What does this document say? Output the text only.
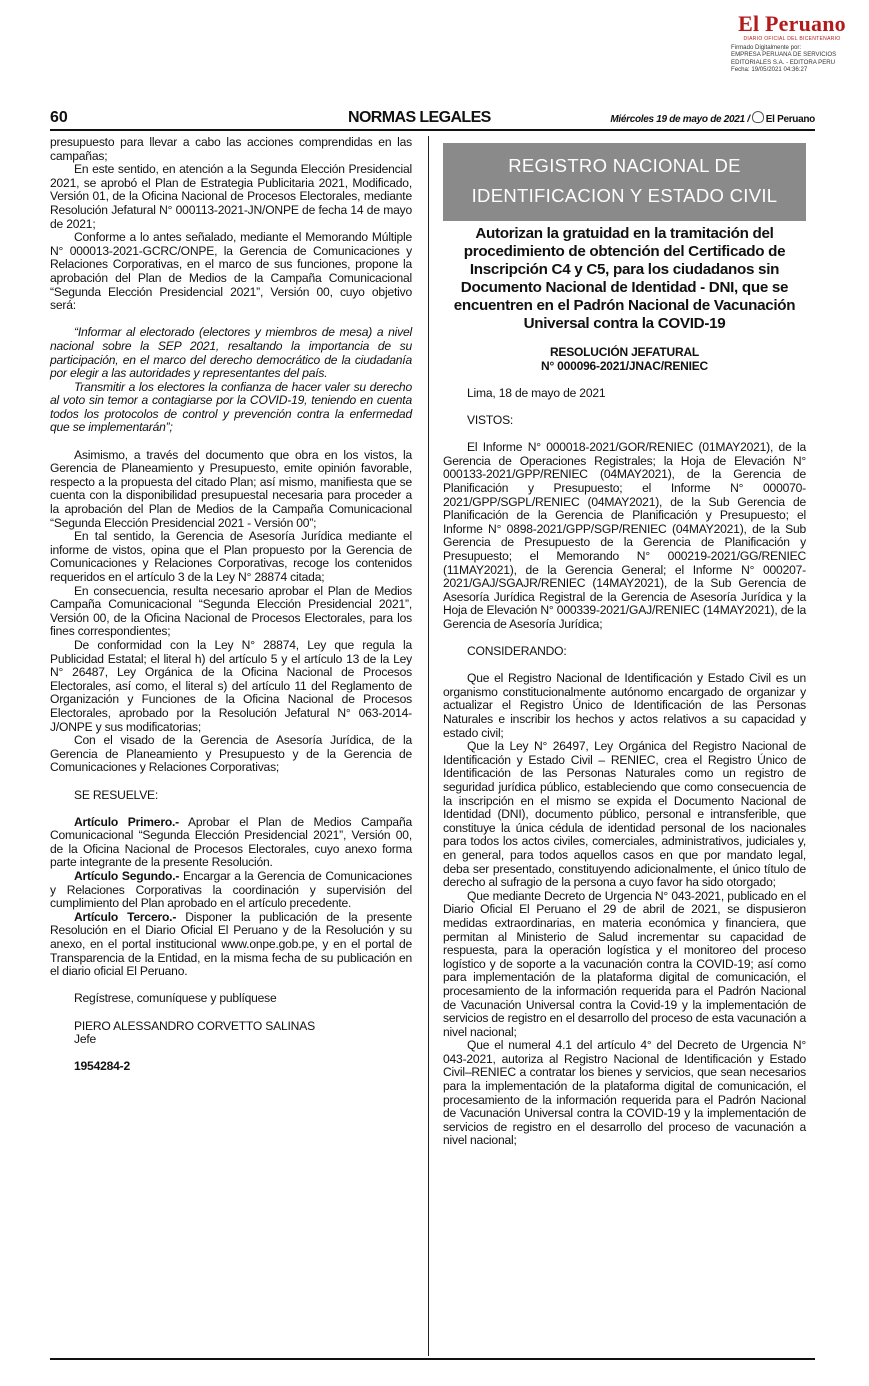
El Peruano
DIARIO OFICIAL DEL BICENTENARIO
Firmado Digitalmente por:
EMPRESA PERUANA DE SERVICIOS
EDITORIALES S.A. - EDITORA PERU
Fecha: 19/05/2021 04:36:27
60	NORMAS LEGALES	Miércoles 19 de mayo de 2021 / El Peruano

presupuesto para llevar a cabo las acciones comprendidas en las campañas;

En este sentido, en atención a la Segunda Elección Presidencial 2021, se aprobó el Plan de Estrategia Publicitaria 2021, Modificado, Versión 01, de la Oficina Nacional de Procesos Electorales, mediante Resolución Jefatural N° 000113-2021-JN/ONPE de fecha 14 de mayo de 2021;

Conforme a lo antes señalado, mediante el Memorando Múltiple N° 000013-2021-GCRC/ONPE, la Gerencia de Comunicaciones y Relaciones Corporativas, en el marco de sus funciones, propone la aprobación del Plan de Medios de la Campaña Comunicacional “Segunda Elección Presidencial 2021”, Versión 00, cuyo objetivo será:

“Informar al electorado (electores y miembros de mesa) a nivel nacional sobre la SEP 2021, resaltando la importancia de su participación, en el marco del derecho democrático de la ciudadanía por elegir a las autoridades y representantes del país.

Transmitir a los electores la confianza de hacer valer su derecho al voto sin temor a contagiarse por la COVID-19, teniendo en cuenta todos los protocolos de control y prevención contra la enfermedad que se implementarán”;

Asimismo, a través del documento que obra en los vistos, la Gerencia de Planeamiento y Presupuesto, emite opinión favorable, respecto a la propuesta del citado Plan; así mismo, manifiesta que se cuenta con la disponibilidad presupuestal necesaria para proceder a la aprobación del Plan de Medios de la Campaña Comunicacional “Segunda Elección Presidencial 2021 - Versión 00”;

En tal sentido, la Gerencia de Asesoría Jurídica mediante el informe de vistos, opina que el Plan propuesto por la Gerencia de Comunicaciones y Relaciones Corporativas, recoge los contenidos requeridos en el artículo 3 de la Ley N° 28874 citada;

En consecuencia, resulta necesario aprobar el Plan de Medios Campaña Comunicacional “Segunda Elección Presidencial 2021”, Versión 00, de la Oficina Nacional de Procesos Electorales, para los fines correspondientes;

De conformidad con la Ley N° 28874, Ley que regula la Publicidad Estatal; el literal h) del artículo 5 y el artículo 13 de la Ley N° 26487, Ley Orgánica de la Oficina Nacional de Procesos Electorales, así como, el literal s) del artículo 11 del Reglamento de Organización y Funciones de la Oficina Nacional de Procesos Electorales, aprobado por la Resolución Jefatural N° 063-2014-J/ONPE y sus modificatorias;

Con el visado de la Gerencia de Asesoría Jurídica, de la Gerencia de Planeamiento y Presupuesto y de la Gerencia de Comunicaciones y Relaciones Corporativas;

SE RESUELVE:

Artículo Primero.- Aprobar el Plan de Medios Campaña Comunicacional “Segunda Elección Presidencial 2021”, Versión 00, de la Oficina Nacional de Procesos Electorales, cuyo anexo forma parte integrante de la presente Resolución.

Artículo Segundo.- Encargar a la Gerencia de Comunicaciones y Relaciones Corporativas la coordinación y supervisión del cumplimiento del Plan aprobado en el artículo precedente.

Artículo Tercero.- Disponer la publicación de la presente Resolución en el Diario Oficial El Peruano y de la Resolución y su anexo, en el portal institucional www.onpe.gob.pe, y en el portal de Transparencia de la Entidad, en la misma fecha de su publicación en el diario oficial El Peruano.

Regístrese, comuníquese y publíquese

PIERO ALESSANDRO CORVETTO SALINAS

Jefe

1954284-2

REGISTRO NACIONAL DE
IDENTIFICACION Y ESTADO CIVIL
Autorizan la gratuidad en la tramitación del procedimiento de obtención del Certificado de Inscripción C4 y C5, para los ciudadanos sin Documento Nacional de Identidad - DNI, que se encuentren en el Padrón Nacional de Vacunación Universal contra la COVID-19
RESOLUCIÓN JEFATURAL
N° 000096-2021/JNAC/RENIEC

Lima, 18 de mayo de 2021

VISTOS:

El Informe N° 000018-2021/GOR/RENIEC (01MAY2021), de la Gerencia de Operaciones Registrales; la Hoja de Elevación N° 000133-2021/GPP/RENIEC (04MAY2021), de la Gerencia de Planificación y Presupuesto; el Informe N° 000070-2021/GPP/SGPL/RENIEC (04MAY2021), de la Sub Gerencia de Planificación de la Gerencia de Planificación y Presupuesto; el Informe N° 0898-2021/GPP/SGP/RENIEC (04MAY2021), de la Sub Gerencia de Presupuesto de la Gerencia de Planificación y Presupuesto; el Memorando N° 000219-2021/GG/RENIEC (11MAY2021), de la Gerencia General; el Informe N° 000207-2021/GAJ/SGAJR/RENIEC (14MAY2021), de la Sub Gerencia de Asesoría Jurídica Registral de la Gerencia de Asesoría Jurídica y la Hoja de Elevación N° 000339-2021/GAJ/RENIEC (14MAY2021), de la Gerencia de Asesoría Jurídica;

CONSIDERANDO:

Que el Registro Nacional de Identificación y Estado Civil es un organismo constitucionalmente autónomo encargado de organizar y actualizar el Registro Único de Identificación de las Personas Naturales e inscribir los hechos y actos relativos a su capacidad y estado civil;

Que la Ley N° 26497, Ley Orgánica del Registro Nacional de Identificación y Estado Civil – RENIEC, crea el Registro Único de Identificación de las Personas Naturales como un registro de seguridad jurídica público, estableciendo que como consecuencia de la inscripción en el mismo se expida el Documento Nacional de Identidad (DNI), documento público, personal e intransferible, que constituye la única cédula de identidad personal de los nacionales para todos los actos civiles, comerciales, administrativos, judiciales y, en general, para todos aquellos casos en que por mandato legal, deba ser presentado, constituyendo adicionalmente, el único título de derecho al sufragio de la persona a cuyo favor ha sido otorgado;

Que mediante Decreto de Urgencia N° 043-2021, publicado en el Diario Oficial El Peruano el 29 de abril de 2021, se dispusieron medidas extraordinarias, en materia económica y financiera, que permitan al Ministerio de Salud incrementar su capacidad de respuesta, para la operación logística y el monitoreo del proceso logístico y de soporte a la vacunación contra la COVID-19; así como para implementación de la plataforma digital de comunicación, el procesamiento de la información requerida para el Padrón Nacional de Vacunación Universal contra la Covid-19 y la implementación de servicios de registro en el desarrollo del proceso de esta vacunación a nivel nacional;

Que el numeral 4.1 del artículo 4° del Decreto de Urgencia N° 043-2021, autoriza al Registro Nacional de Identificación y Estado Civil–RENIEC a contratar los bienes y servicios, que sean necesarios para la implementación de la plataforma digital de comunicación, el procesamiento de la información requerida para el Padrón Nacional de Vacunación Universal contra la COVID-19 y la implementación de servicios de registro en el desarrollo del proceso de vacunación a nivel nacional;
